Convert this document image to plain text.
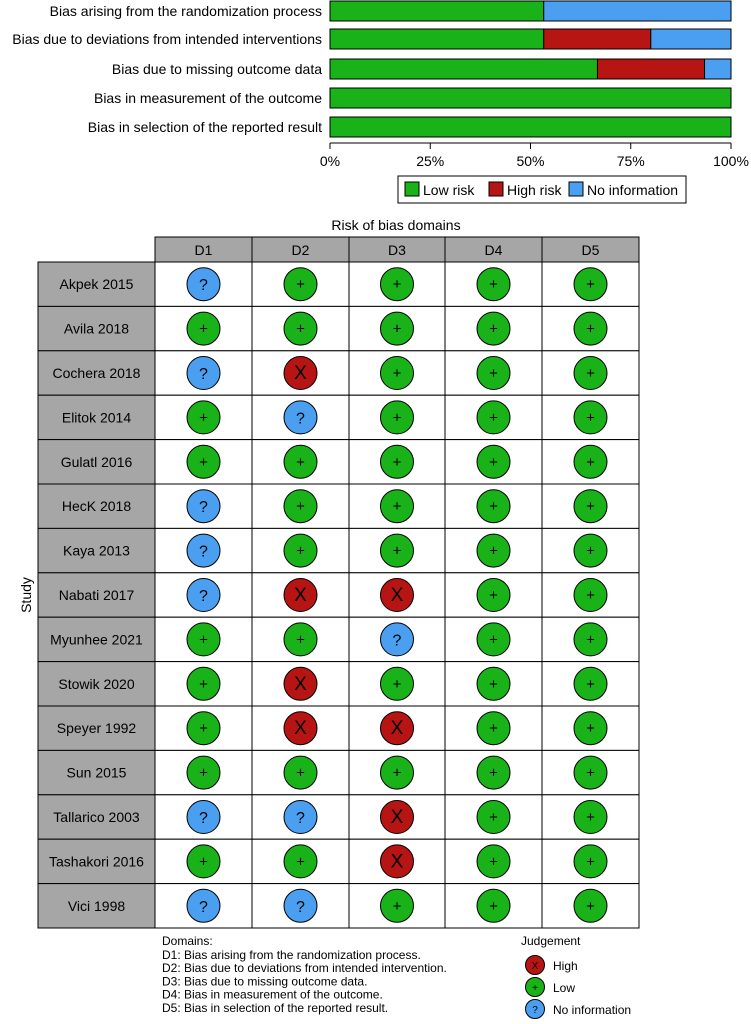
Bias arising from the randomization process
Bias due to deviations from intended interventions
Bias due to missing outcome data
Bias in measurement of the outcome
Bias in selection of the reported result
0%	25%	50%	75%	100%
Low risk High risk No information
Risk of bias domains
D1	D2	D3	D4	D5
Akpek 2015	?	+	+	+	+
Avila 2018	+	+	+	+	+
Cochera 2018	?	X	+	+	+
Elitok 2014	+	?	+	+	+
Gulatl 2016	+	+	+	+	+
HecK 2018	?	+	+	+	+
Kaya 2013	?	+	+	+	+
Nabati 2017	?	X	X	+	+
Myunhee 2021	+	+	?	+	+
Stowik 2020	+	X	+	+	+
Speyer 1992	+	X	X	+	+
Sun 2015	+	+	+	+	+
Tallarico 2003	?	?	X	+	+
Tashakori 2016	+	+	X	+	+
Vici 1998	?	?	+	+	+
Study
Domains:
D1: Bias arising from the randomization process.
D2: Bias due to deviations from intended intervention.
D3: Bias due to missing outcome data.
D4: Bias in measurement of the outcome.
D5: Bias in selection of the reported result.
Judgement
X High
+ Low
? No information
